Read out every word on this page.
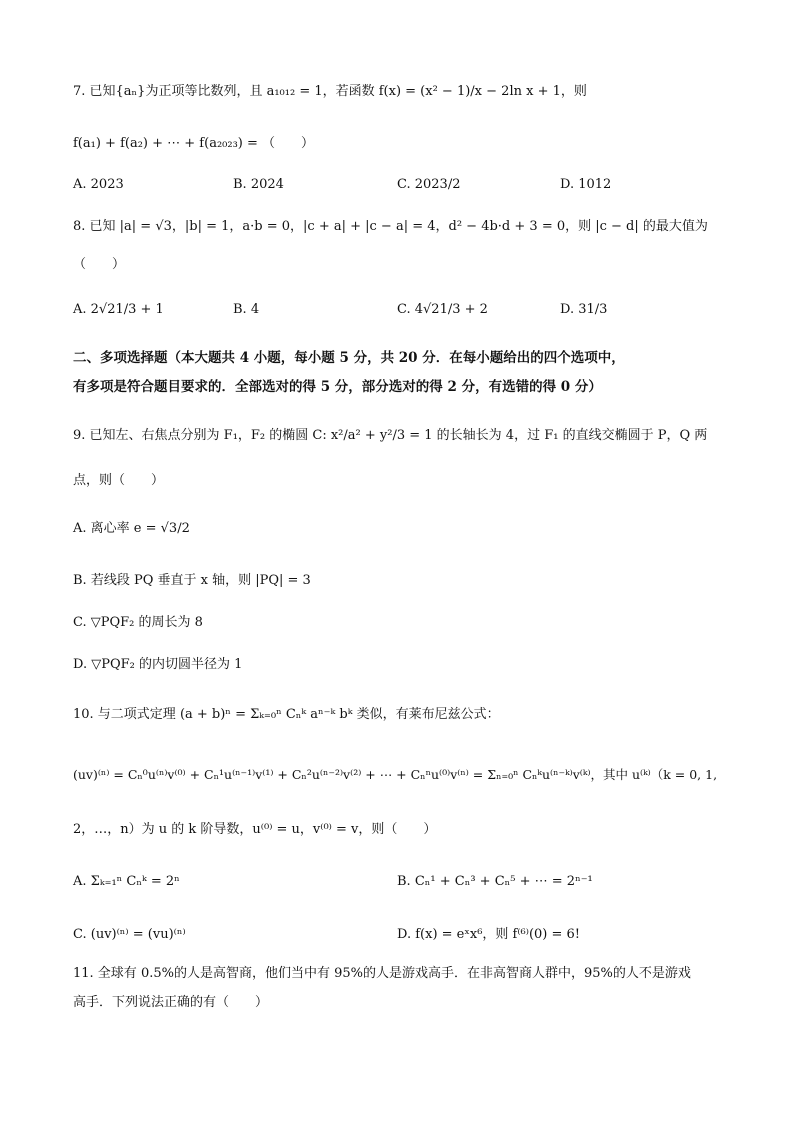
7. 已知{aₙ}为正项等比数列，且 a₁₀₁₂ = 1，若函数 f(x) = (x² − 1)/x − 2ln x + 1，则
f(a₁) + f(a₂) + ⋯ + f(a₂₀₂₃) = （　　）
A. 2023	B. 2024	C. 2023/2	D. 1012
8. 已知 |a| = √3，|b| = 1，a·b = 0，|c + a| + |c − a| = 4，d² − 4b·d + 3 = 0，则 |c − d| 的最大值为
（　　）
A. 2√21/3 + 1	B. 4	C. 4√21/3 + 2	D. 31/3
二、多项选择题（本大题共 4 小题，每小题 5 分，共 20 分．在每小题给出的四个选项中，
有多项是符合题目要求的．全部选对的得 5 分，部分选对的得 2 分，有选错的得 0 分）
9. 已知左、右焦点分别为 F₁，F₂ 的椭圆 C: x²/a² + y²/3 = 1 的长轴长为 4，过 F₁ 的直线交椭圆于 P，Q 两
点，则（　　）
A. 离心率 e = √3/2
B. 若线段 PQ 垂直于 x 轴，则 |PQ| = 3
C. ▽PQF₂ 的周长为 8
D. ▽PQF₂ 的内切圆半径为 1
10. 与二项式定理 (a + b)ⁿ = Σₖ₌₀ⁿ Cₙᵏ aⁿ⁻ᵏ bᵏ 类似，有莱布尼兹公式：
(uv)⁽ⁿ⁾ = Cₙ⁰u⁽ⁿ⁾v⁽⁰⁾ + Cₙ¹u⁽ⁿ⁻¹⁾v⁽¹⁾ + Cₙ²u⁽ⁿ⁻²⁾v⁽²⁾ + ⋯ + Cₙⁿu⁽⁰⁾v⁽ⁿ⁾ = Σₙ₌₀ⁿ Cₙᵏu⁽ⁿ⁻ᵏ⁾v⁽ᵏ⁾，其中 u⁽ᵏ⁾（k = 0, 1,
2，…，n）为 u 的 k 阶导数，u⁽⁰⁾ = u，v⁽⁰⁾ = v，则（　　）
A. Σₖ₌₁ⁿ Cₙᵏ = 2ⁿ	B. Cₙ¹ + Cₙ³ + Cₙ⁵ + ⋯ = 2ⁿ⁻¹
C. (uv)⁽ⁿ⁾ = (vu)⁽ⁿ⁾	D. f(x) = eˣx⁶，则 f⁽⁶⁾(0) = 6!
11. 全球有 0.5%的人是高智商，他们当中有 95%的人是游戏高手．在非高智商人群中，95%的人不是游戏
高手．下列说法正确的有（　　）
